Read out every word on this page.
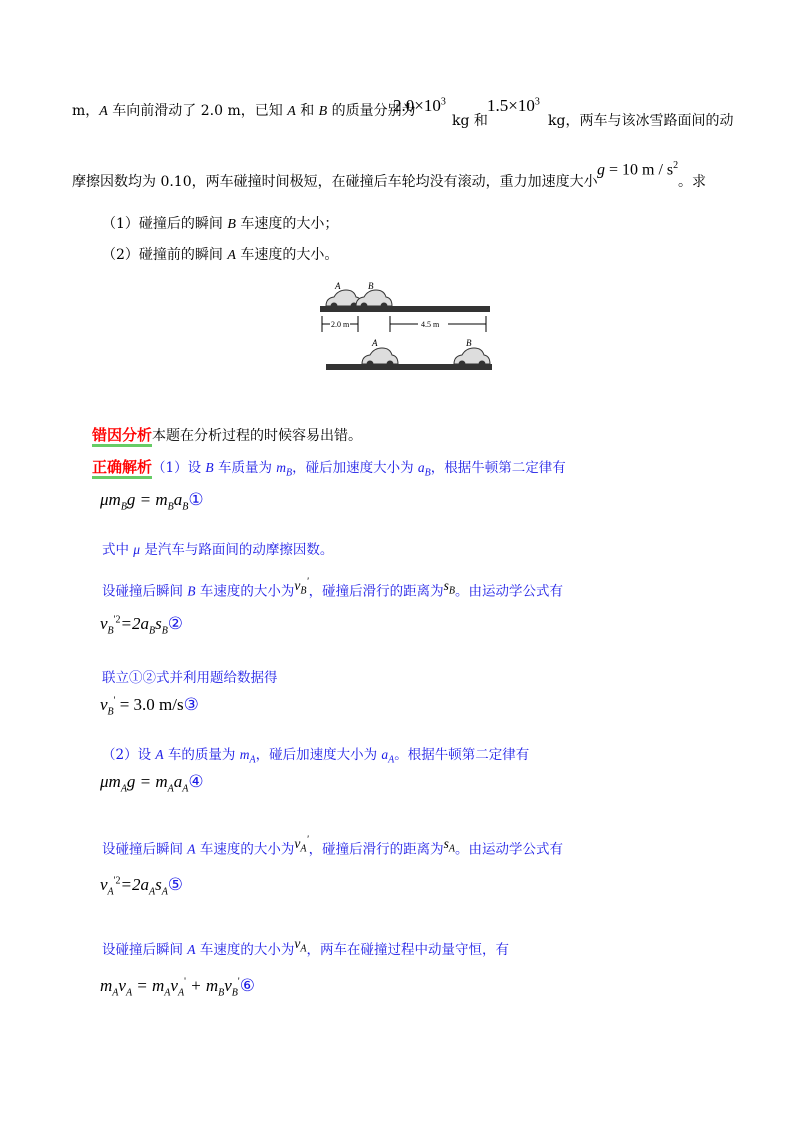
m，A 车向前滑动了 2.0 m，已知 A 和 B 的质量分别为
$2.0\times 10^3$
kg 和
$1.5\times 10^3$
kg，两车与该冰雪路面间的动
摩擦因数均为 0.10，两车碰撞时间极短，在碰撞后车轮均没有滚动，重力加速度大小
g = 10 m / $s^2$
。求
（1）碰撞后的瞬间 B 车速度的大小；
（2）碰撞前的瞬间 A 车速度的大小。
A	B
2.0 m	4.5 m
A	B
错因分析本题在分析过程的时候容易出错。
正确解析（1）设 B 车质量为 $m_B$，碰后加速度大小为 $a_B$，根据牛顿第二定律有
$\mu m_Bg$ = $m_Ba_B①$
式中 μ 是汽车与路面间的动摩擦因数。
设碰撞后瞬间 B 车速度的大小为$v_B'$，碰撞后滑行的距离为$s_B$。由运动学公式有
$v_B^{'2}=2a_Bs_B②$
联立①②式并利用题给数据得
$v_B' = 3.0$ m/s③
（2）设 A 车的质量为 $m_A$，碰后加速度大小为 $a_A$。根据牛顿第二定律有
$\mu m_Ag$ = $m_Aa_A④$
设碰撞后瞬间 A 车速度的大小为$v_A'$，碰撞后滑行的距离为$s_A$。由运动学公式有
$v_A^{'2}=2a_As_A⑤$
设碰撞后瞬间 A 车速度的大小为$v_A$，两车在碰撞过程中动量守恒，有
$m_Av_A = m_Av_A'$ + $m_Bv_B'⑥$
